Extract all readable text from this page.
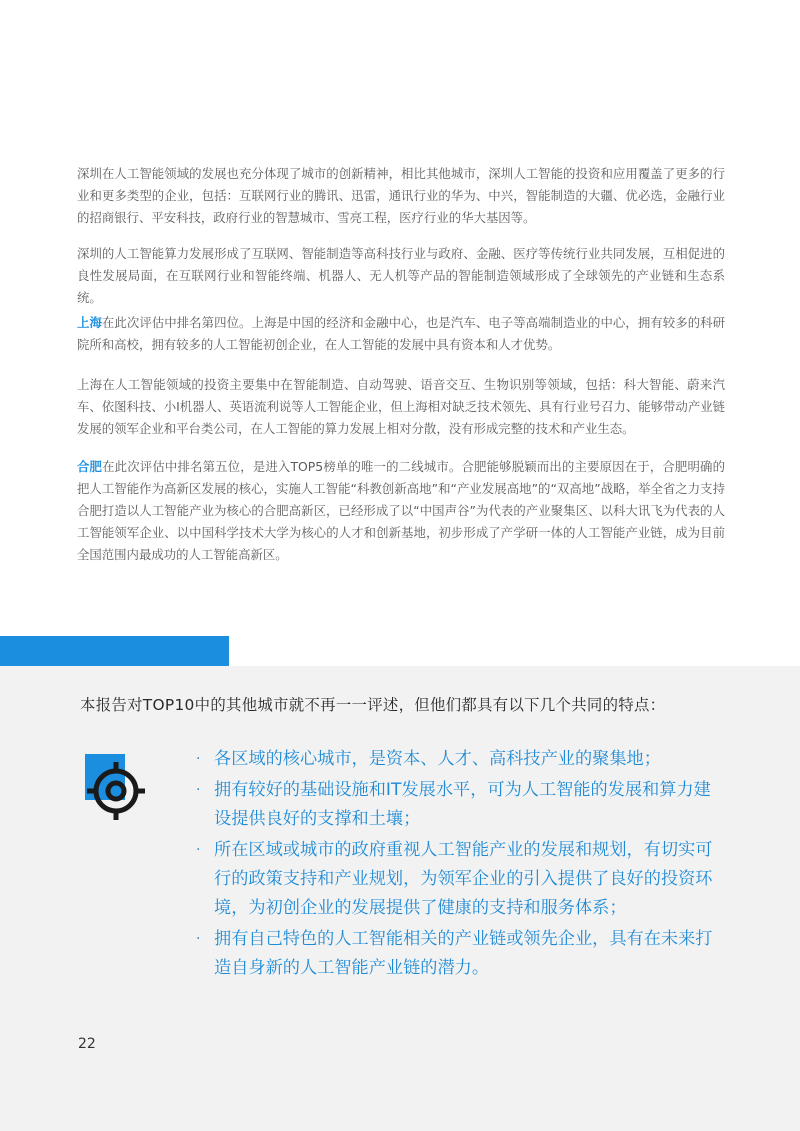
深圳在人工智能领域的发展也充分体现了城市的创新精神，相比其他城市，深圳人工智能的投资和应用覆盖了更多的行业和更多类型的企业，包括：互联网行业的腾讯、迅雷，通讯行业的华为、中兴，智能制造的大疆、优必选，金融行业的招商银行、平安科技，政府行业的智慧城市、雪亮工程，医疗行业的华大基因等。
深圳的人工智能算力发展形成了互联网、智能制造等高科技行业与政府、金融、医疗等传统行业共同发展，互相促进的良性发展局面，在互联网行业和智能终端、机器人、无人机等产品的智能制造领域形成了全球领先的产业链和生态系统。
上海在此次评估中排名第四位。上海是中国的经济和金融中心，也是汽车、电子等高端制造业的中心，拥有较多的科研院所和高校，拥有较多的人工智能初创企业，在人工智能的发展中具有资本和人才优势。
上海在人工智能领域的投资主要集中在智能制造、自动驾驶、语音交互、生物识别等领域，包括：科大智能、蔚来汽车、依图科技、小I机器人、英语流利说等人工智能企业，但上海相对缺乏技术领先、具有行业号召力、能够带动产业链发展的领军企业和平台类公司，在人工智能的算力发展上相对分散，没有形成完整的技术和产业生态。
合肥在此次评估中排名第五位，是进入TOP5榜单的唯一的二线城市。合肥能够脱颖而出的主要原因在于，合肥明确的把人工智能作为高新区发展的核心，实施人工智能“科教创新高地”和“产业发展高地”的“双高地”战略，举全省之力支持合肥打造以人工智能产业为核心的合肥高新区，已经形成了以“中国声谷”为代表的产业聚集区、以科大讯飞为代表的人工智能领军企业、以中国科学技术大学为核心的人才和创新基地，初步形成了产学研一体的人工智能产业链，成为目前全国范围内最成功的人工智能高新区。
本报告对TOP10中的其他城市就不再一一评述，但他们都具有以下几个共同的特点：
· 各区域的核心城市，是资本、人才、高科技产业的聚集地；
· 拥有较好的基础设施和IT发展水平，可为人工智能的发展和算力建设提供良好的支撑和土壤；
· 所在区域或城市的政府重视人工智能产业的发展和规划，有切实可行的政策支持和产业规划，为领军企业的引入提供了良好的投资环境，为初创企业的发展提供了健康的支持和服务体系；
· 拥有自己特色的人工智能相关的产业链或领先企业，具有在未来打造自身新的人工智能产业链的潜力。
22
